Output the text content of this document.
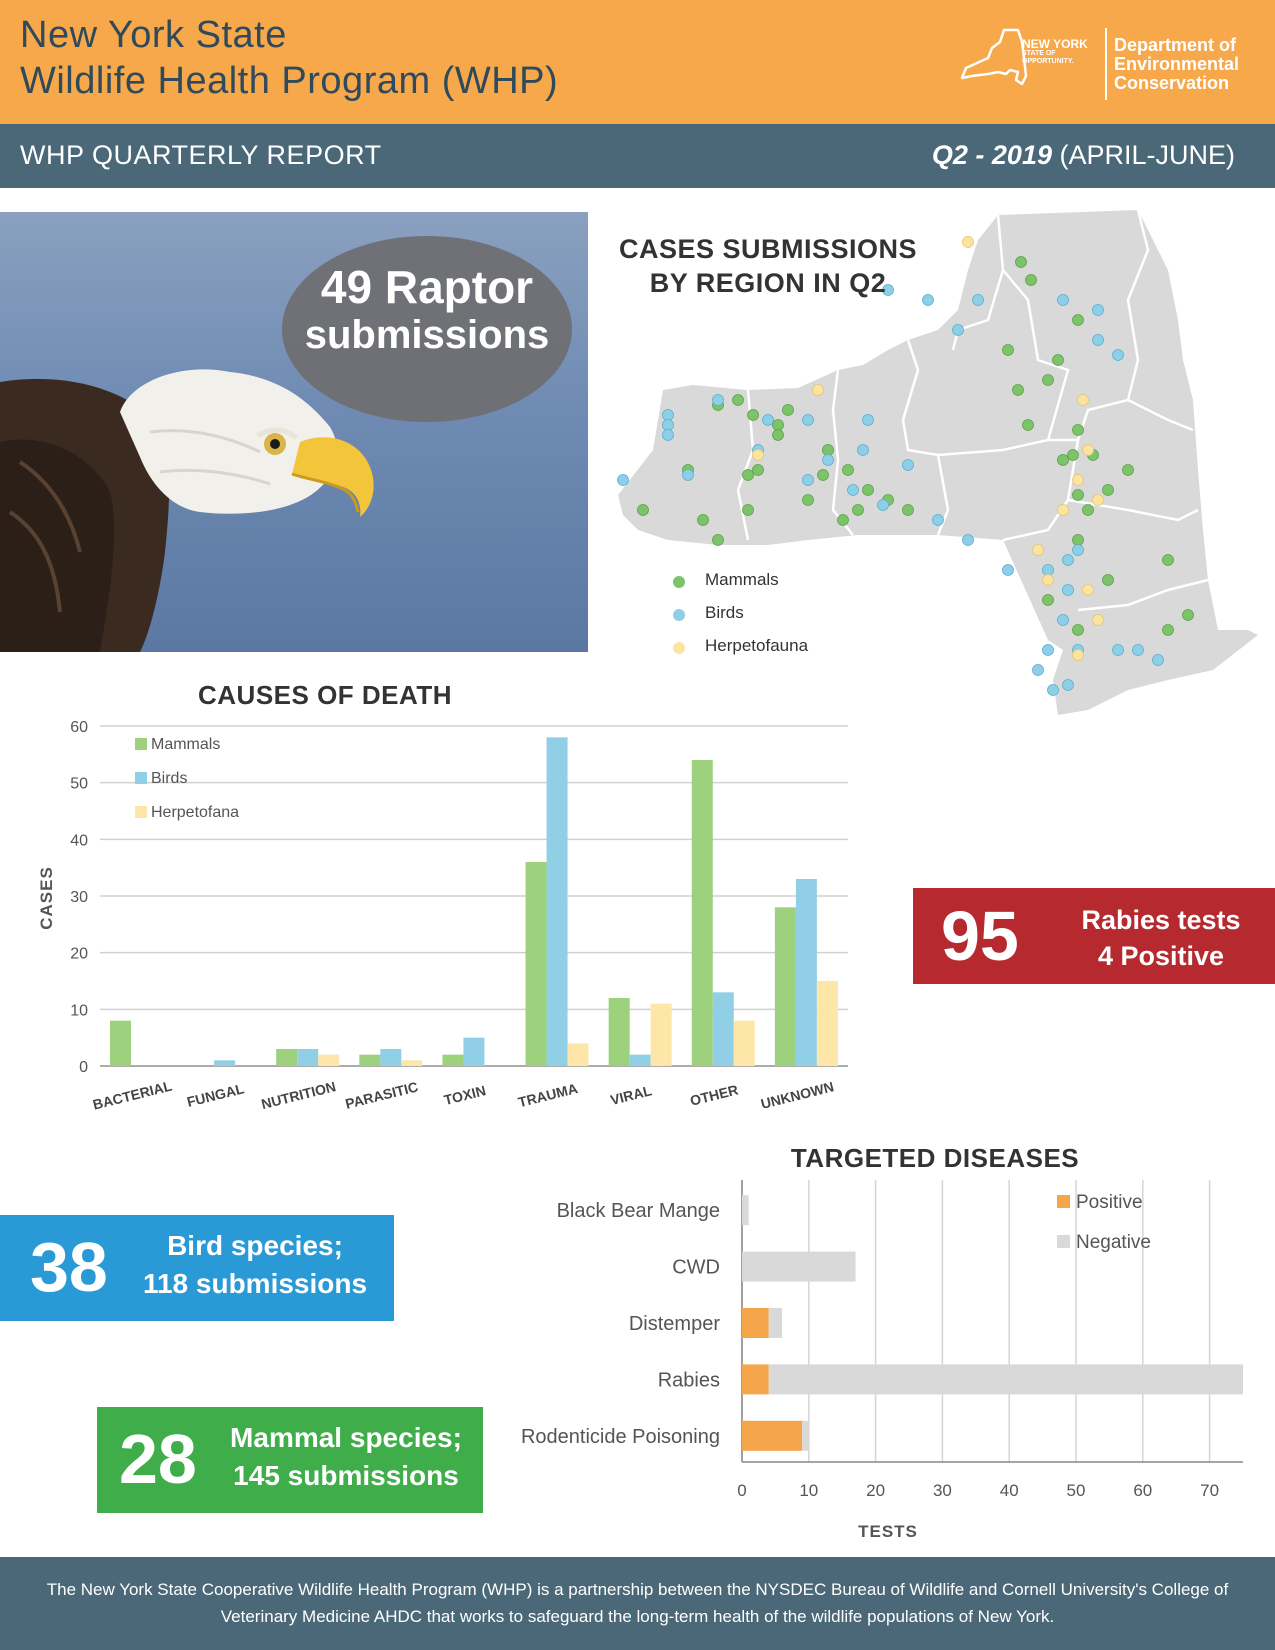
New York State
Wildlife Health Program (WHP)
NEW YORK
STATE OF
OPPORTUNITY.
Department of
Environmental
Conservation
WHP QUARTERLY REPORT	Q2 - 2019 (APRIL-JUNE)
49 Raptor
submissions
CASES SUBMISSIONS
BY REGION IN Q2
Mammals
Birds
Herpetofauna
CAUSES OF DEATH
BACTERIAL FUNGAL NUTRITION PARASITIC TOXIN TRAUMA VIRAL	OTHER UNKNOWN
0
10
20
30
40
50
60
CASES
Mammals
Birds
Herpetofana
95	Rabies tests
4 Positive
TARGETED DISEASES
Black Bear Mange
CWD
Distemper
Rabies
Rodenticide Poisoning
0	10	20	30	40	50	60	70
TESTS
Positive
Negative
38	Bird species;
118 submissions
28	Mammal species;
145 submissions
The New York State Cooperative Wildlife Health Program (WHP) is a partnership between the NYSDEC Bureau of Wildlife and Cornell University's College of Veterinary Medicine AHDC that works to safeguard the long-term health of the wildlife populations of New York.
